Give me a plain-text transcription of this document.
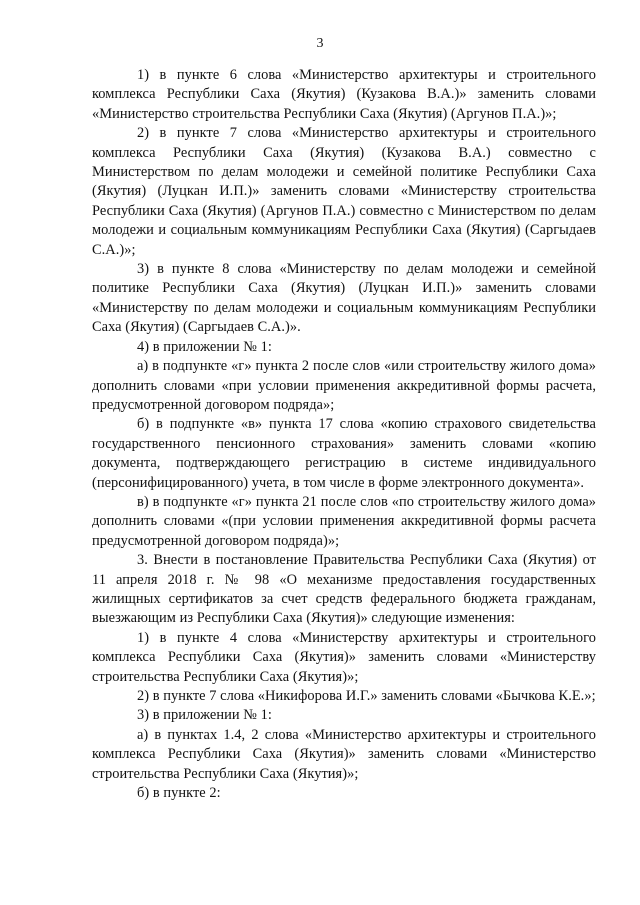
3

1) в пункте 6 слова «Министерство архитектуры и строительного комплекса Республики Саха (Якутия) (Кузакова В.А.)» заменить словами «Министерство строительства Республики Саха (Якутия) (Аргунов П.А.)»;

2) в пункте 7 слова «Министерство архитектуры и строительного комплекса Республики Саха (Якутия) (Кузакова В.А.) совместно с Министерством по делам молодежи и семейной политике Республики Саха (Якутия) (Луцкан И.П.)» заменить словами «Министерству строительства Республики Саха (Якутия) (Аргунов П.А.) совместно с Министерством по делам молодежи и социальным коммуникациям Республики Саха (Якутия) (Саргыдаев С.А.)»;

3) в пункте 8 слова «Министерству по делам молодежи и семейной политике Республики Саха (Якутия) (Луцкан И.П.)» заменить словами «Министерству по делам молодежи и социальным коммуникациям Республики Саха (Якутия) (Саргыдаев С.А.)».

4) в приложении № 1:

а) в подпункте «г» пункта 2 после слов «или строительству жилого дома» дополнить словами «при условии применения аккредитивной формы расчета, предусмотренной договором подряда»;

б) в подпункте «в» пункта 17 слова «копию страхового свидетельства государственного пенсионного страхования» заменить словами «копию документа, подтверждающего регистрацию в системе индивидуального (персонифицированного) учета, в том числе в форме электронного документа».

в) в подпункте «г» пункта 21 после слов «по строительству жилого дома» дополнить словами «(при условии применения аккредитивной формы расчета предусмотренной договором подряда)»;

3. Внести в постановление Правительства Республики Саха (Якутия) от 11 апреля 2018 г. № 98 «О механизме предоставления государственных жилищных сертификатов за счет средств федерального бюджета гражданам, выезжающим из Республики Саха (Якутия)» следующие изменения:

1) в пункте 4 слова «Министерству архитектуры и строительного комплекса Республики Саха (Якутия)» заменить словами «Министерству строительства Республики Саха (Якутия)»;

2) в пункте 7 слова «Никифорова И.Г.» заменить словами «Бычкова К.Е.»;

3) в приложении № 1:

а) в пунктах 1.4, 2 слова «Министерство архитектуры и строительного комплекса Республики Саха (Якутия)» заменить словами «Министерство строительства Республики Саха (Якутия)»;

б) в пункте 2:
